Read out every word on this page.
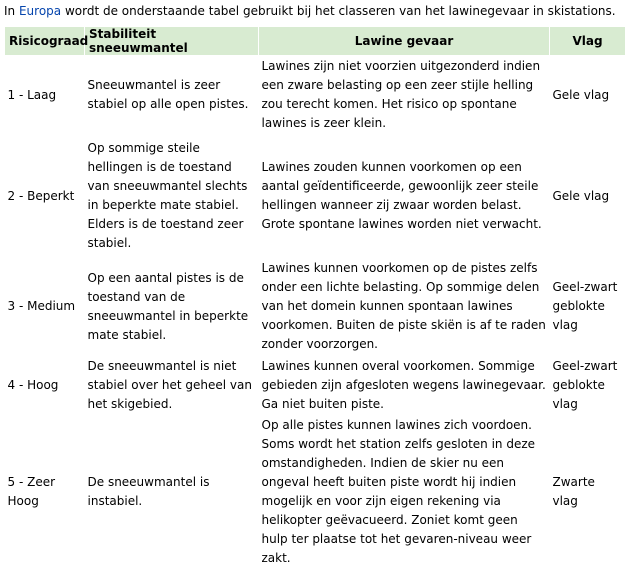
In Europa wordt de onderstaande tabel gebruikt bij het classeren van het lawinegevaar in skistations.
Risicograad	Stabiliteit sneeuwmantel	Lawine gevaar	Vlag
1 - Laag	Sneeuwmantel is zeer stabiel op alle open pistes.	Lawines zijn niet voorzien uitgezonderd indien een zware belasting op een zeer stijle helling zou terecht komen. Het risico op spontane lawines is zeer klein.	Gele vlag
2 - Beperkt	Op sommige steile hellingen is de toestand van sneeuwmantel slechts in beperkte mate stabiel. Elders is de toestand zeer stabiel.	Lawines zouden kunnen voorkomen op een aantal geïdentificeerde, gewoonlijk zeer steile hellingen wanneer zij zwaar worden belast. Grote spontane lawines worden niet verwacht.	Gele vlag
3 - Medium	Op een aantal pistes is de toestand van de sneeuwmantel in beperkte mate stabiel.	Lawines kunnen voorkomen op de pistes zelfs onder een lichte belasting. Op sommige delen van het domein kunnen spontaan lawines voorkomen. Buiten de piste skiën is af te raden zonder voorzorgen.	Geel-zwart geblokte vlag
4 - Hoog	De sneeuwmantel is niet stabiel over het geheel van het skigebied.	Lawines kunnen overal voorkomen. Sommige gebieden zijn afgesloten wegens lawinegevaar. Ga niet buiten piste.	Geel-zwart geblokte vlag
5 - Zeer Hoog	De sneeuwmantel is instabiel.	Op alle pistes kunnen lawines zich voordoen. Soms wordt het station zelfs gesloten in deze omstandigheden. Indien de skier nu een ongeval heeft buiten piste wordt hij indien mogelijk en voor zijn eigen rekening via helikopter geëvacueerd. Zoniet komt geen hulp ter plaatse tot het gevaren-niveau weer zakt.	Zwarte vlag
